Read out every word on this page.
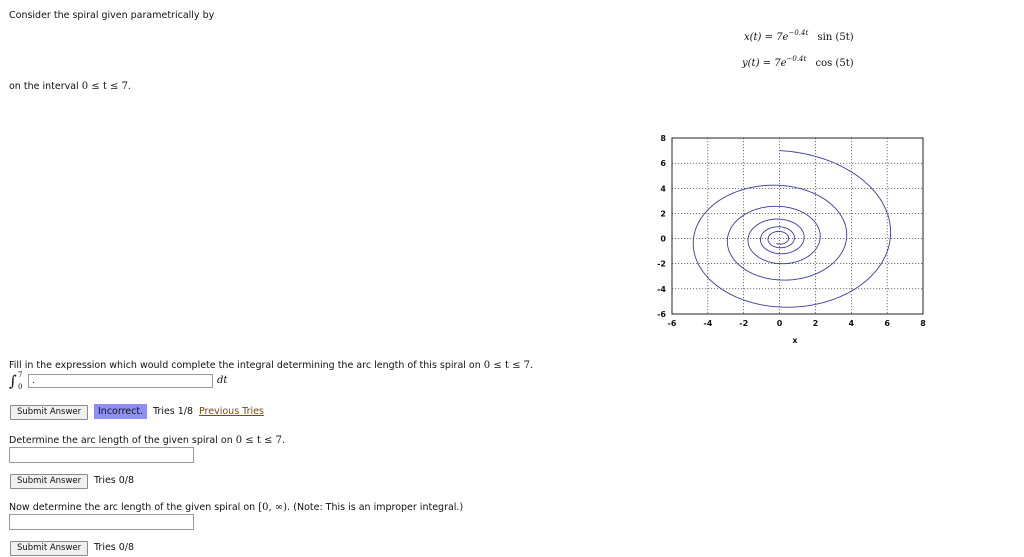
Consider the spiral given parametrically by
$x(t) = 7e^{-0.4t}$ sin (5t)
$y(t) = 7e^{-0.4t}$ cos (5t)
on the interval 0 ≤ t ≤ 7.
-6	-4	-2	0	2	4	6	8
8
6
4
2
0
-2
-4
-6
x
Fill in the expression which would complete the integral determining the arc length of this spiral on 0 ≤ t ≤ 7.
∫ 7
0
.
dt
Submit Answer	Incorrect.	Tries 1/8 Previous Tries
Determine the arc length of the given spiral on 0 ≤ t ≤ 7.
Submit Answer	Tries 0/8
Now determine the arc length of the given spiral on [0, ∞). (Note: This is an improper integral.)
Submit Answer	Tries 0/8
